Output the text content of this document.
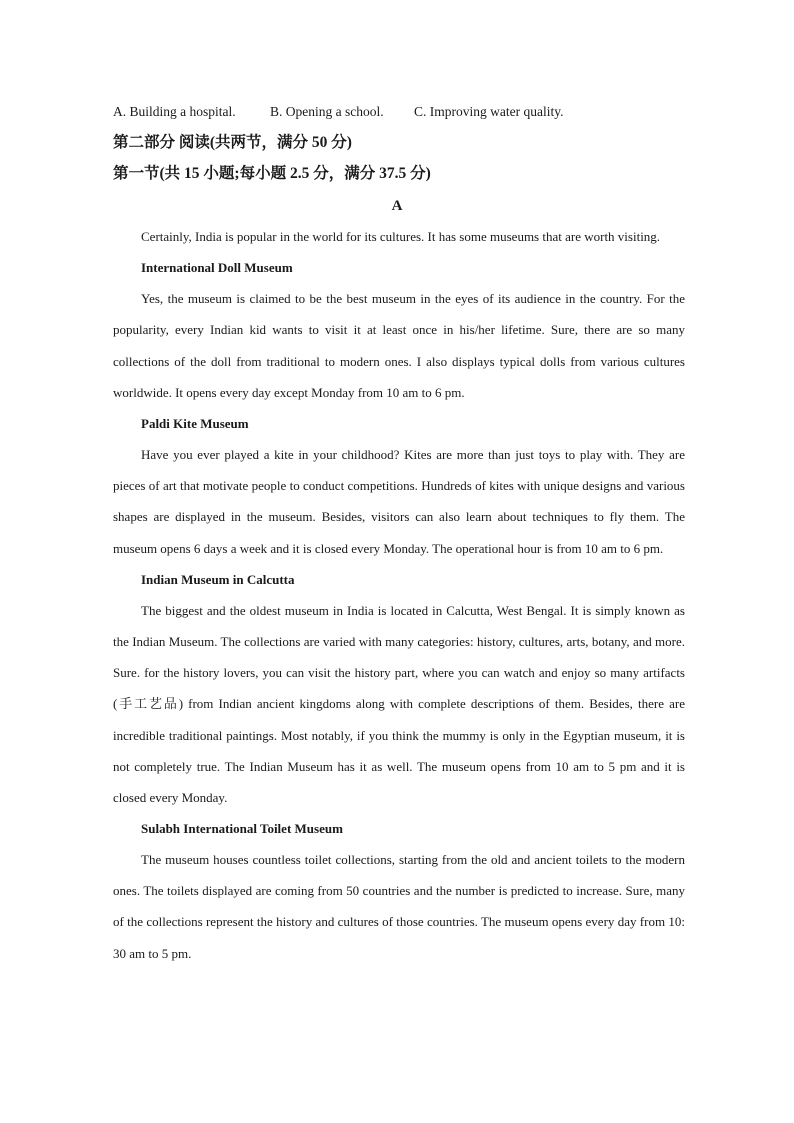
A. Building a hospital.	B. Opening a school. C. Improving water quality.
第二部分 阅读(共两节，满分 50 分)
第一节(共 15 小题;每小题 2.5 分，满分 37.5 分)
A

Certainly, India is popular in the world for its cultures. It has some museums that are worth visiting.

International Doll Museum

Yes, the museum is claimed to be the best museum in the eyes of its audience in the country. For the popularity, every Indian kid wants to visit it at least once in his/her lifetime. Sure, there are so many collections of the doll from traditional to modern ones. I also displays typical dolls from various cultures worldwide. It opens every day except Monday from 10 am to 6 pm.

Paldi Kite Museum

Have you ever played a kite in your childhood? Kites are more than just toys to play with. They are pieces of art that motivate people to conduct competitions. Hundreds of kites with unique designs and various shapes are displayed in the museum. Besides, visitors can also learn about techniques to fly them. The museum opens 6 days a week and it is closed every Monday. The operational hour is from 10 am to 6 pm.

Indian Museum in Calcutta

The biggest and the oldest museum in India is located in Calcutta, West Bengal. It is simply known as the Indian Museum. The collections are varied with many categories: history, cultures, arts, botany, and more. Sure. for the history lovers, you can visit the history part, where you can watch and enjoy so many artifacts (手工艺品) from Indian ancient kingdoms along with complete descriptions of them. Besides, there are incredible traditional paintings. Most notably, if you think the mummy is only in the Egyptian museum, it is not completely true. The Indian Museum has it as well. The museum opens from 10 am to 5 pm and it is closed every Monday.

Sulabh International Toilet Museum

The museum houses countless toilet collections, starting from the old and ancient toilets to the modern ones. The toilets displayed are coming from 50 countries and the number is predicted to increase. Sure, many of the collections represent the history and cultures of those countries. The museum opens every day from 10: 30 am to 5 pm.
